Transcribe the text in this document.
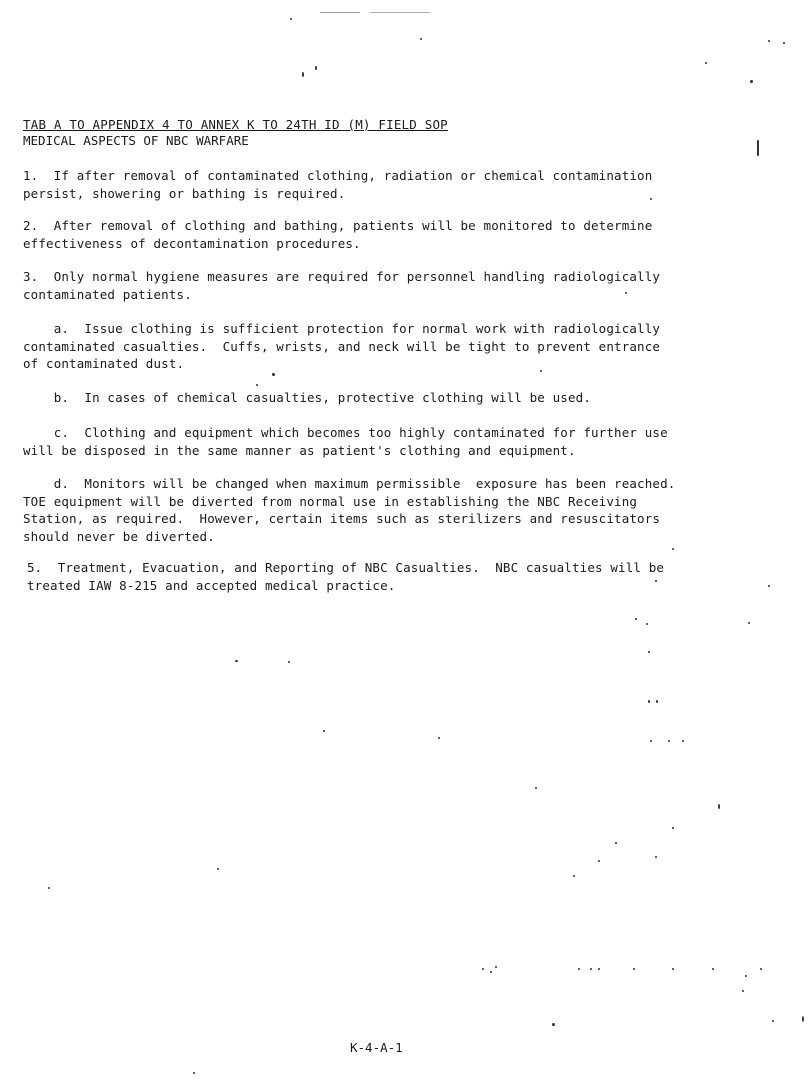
TAB A TO APPENDIX 4 TO ANNEX K TO 24TH ID (M) FIELD SOP
MEDICAL ASPECTS OF NBC WARFARE

1.  If after removal of contaminated clothing, radiation or chemical contamination
persist, showering or bathing is required.

2.  After removal of clothing and bathing, patients will be monitored to determine
effectiveness of decontamination procedures.

3.  Only normal hygiene measures are required for personnel handling radiologically
contaminated patients.

a.  Issue clothing is sufficient protection for normal work with radiologically
contaminated casualties.  Cuffs, wrists, and neck will be tight to prevent entrance
of contaminated dust.

b.  In cases of chemical casualties, protective clothing will be used.

c.  Clothing and equipment which becomes too highly contaminated for further use
will be disposed in the same manner as patient's clothing and equipment.

d.  Monitors will be changed when maximum permissible  exposure has been reached.
TOE equipment will be diverted from normal use in establishing the NBC Receiving
Station, as required.  However, certain items such as sterilizers and resuscitators
should never be diverted.

5.  Treatment, Evacuation, and Reporting of NBC Casualties.  NBC casualties will be
treated IAW 8-215 and accepted medical practice.

K-4-A-1
